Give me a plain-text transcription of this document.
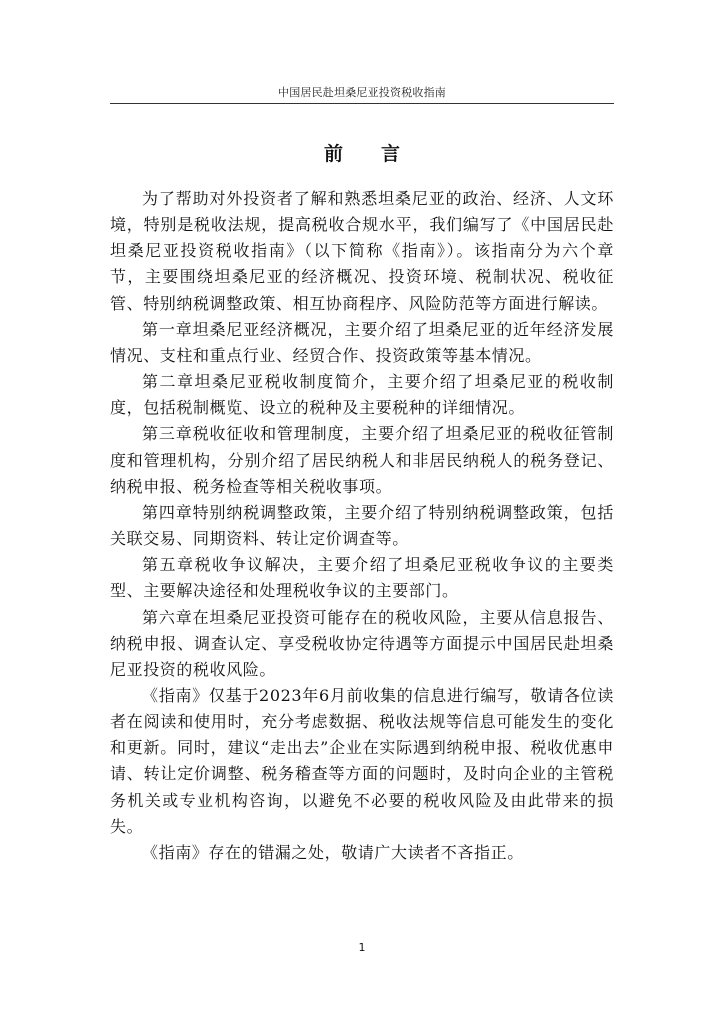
中国居民赴坦桑尼亚投资税收指南
前言

为了帮助对外投资者了解和熟悉坦桑尼亚的政治、经济、人文环境，特别是税收法规，提高税收合规水平，我们编写了《中国居民赴坦桑尼亚投资税收指南》（以下简称《指南》）。该指南分为六个章节，主要围绕坦桑尼亚的经济概况、投资环境、税制状况、税收征管、特别纳税调整政策、相互协商程序、风险防范等方面进行解读。

第一章坦桑尼亚经济概况，主要介绍了坦桑尼亚的近年经济发展情况、支柱和重点行业、经贸合作、投资政策等基本情况。

第二章坦桑尼亚税收制度简介，主要介绍了坦桑尼亚的税收制度，包括税制概览、设立的税种及主要税种的详细情况。

第三章税收征收和管理制度，主要介绍了坦桑尼亚的税收征管制度和管理机构，分别介绍了居民纳税人和非居民纳税人的税务登记、纳税申报、税务检查等相关税收事项。

第四章特别纳税调整政策，主要介绍了特别纳税调整政策，包括关联交易、同期资料、转让定价调查等。

第五章税收争议解决，主要介绍了坦桑尼亚税收争议的主要类型、主要解决途径和处理税收争议的主要部门。

第六章在坦桑尼亚投资可能存在的税收风险，主要从信息报告、纳税申报、调查认定、享受税收协定待遇等方面提示中国居民赴坦桑尼亚投资的税收风险。

《指南》仅基于2023年6月前收集的信息进行编写，敬请各位读者在阅读和使用时，充分考虑数据、税收法规等信息可能发生的变化和更新。同时，建议“走出去”企业在实际遇到纳税申报、税收优惠申请、转让定价调整、税务稽查等方面的问题时，及时向企业的主管税务机关或专业机构咨询，以避免不必要的税收风险及由此带来的损失。

《指南》存在的错漏之处，敬请广大读者不吝指正。

1
